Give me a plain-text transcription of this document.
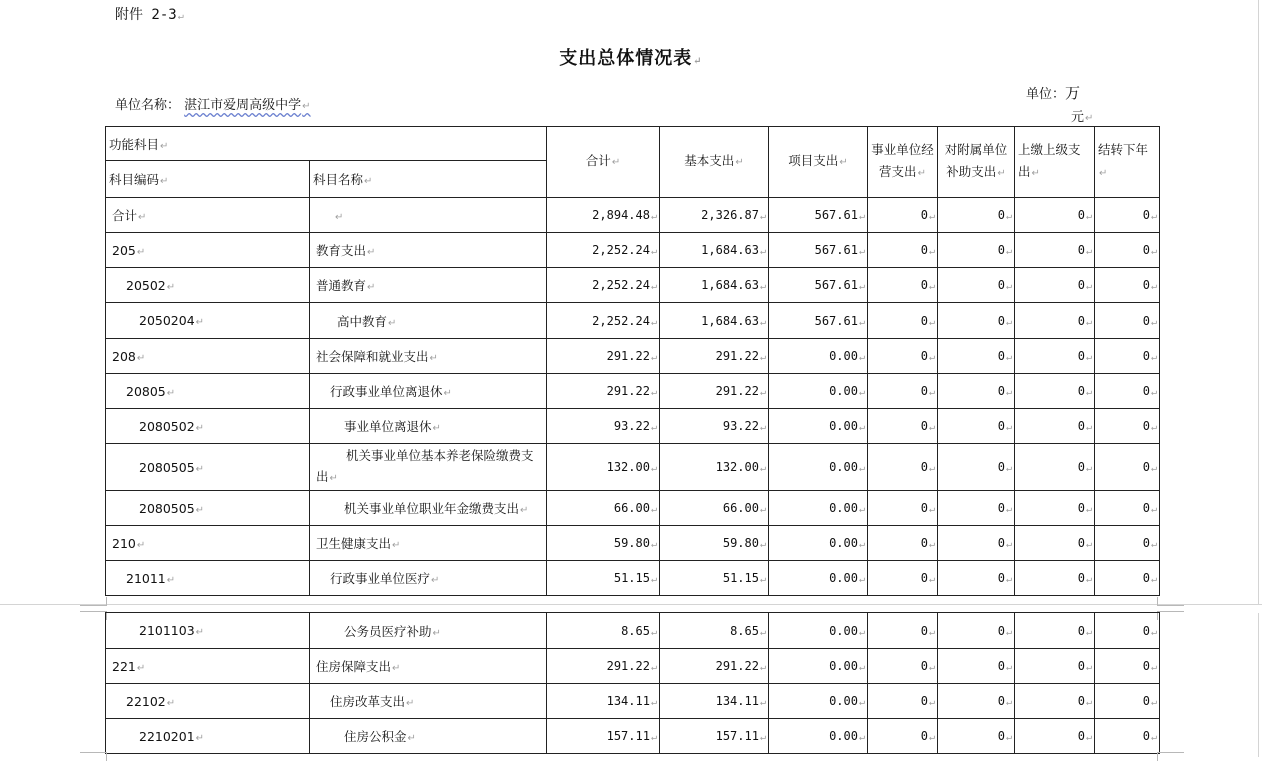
附件 2-3 ↵
支出总体情况表 ↵
单位名称： 湛江市爱周高级中学 ↵
单位：万
元 ↵
功能科目 ↵		合计 ↵	基本支出 ↵	项目支出 ↵	事业单位经营支出 ↵	对附属单位补助支出 ↵	上缴上级支出 ↵	结转下年 ↵
科目编码 ↵	科目名称 ↵
合计 ↵	↵	2,894.48 ↵	2,326.87 ↵	567.61 ↵	0 ↵	0 ↵	0 ↵	0 ↵
205 ↵	教育支出 ↵	2,252.24 ↵	1,684.63 ↵	567.61 ↵	0 ↵	0 ↵	0 ↵	0 ↵
20502 ↵	普通教育 ↵	2,252.24 ↵	1,684.63 ↵	567.61 ↵	0 ↵	0 ↵	0 ↵	0 ↵
2050204 ↵	高中教育 ↵	2,252.24 ↵	1,684.63 ↵	567.61 ↵	0 ↵	0 ↵	0 ↵	0 ↵
208 ↵	社会保障和就业支出 ↵	291.22 ↵	291.22 ↵	0.00 ↵	0 ↵	0 ↵	0 ↵	0 ↵
20805 ↵	行政事业单位离退休 ↵	291.22 ↵	291.22 ↵	0.00 ↵	0 ↵	0 ↵	0 ↵	0 ↵
2080502 ↵	事业单位离退休 ↵	93.22 ↵	93.22 ↵	0.00 ↵	0 ↵	0 ↵	0 ↵	0 ↵
2080505 ↵	机关事业单位基本养老保险缴费支出 ↵	132.00 ↵	132.00 ↵	0.00 ↵	0 ↵	0 ↵	0 ↵	0 ↵
2080505 ↵	机关事业单位职业年金缴费支出 ↵	66.00 ↵	66.00 ↵	0.00 ↵	0 ↵	0 ↵	0 ↵	0 ↵
210 ↵	卫生健康支出 ↵	59.80 ↵	59.80 ↵	0.00 ↵	0 ↵	0 ↵	0 ↵	0 ↵
21011 ↵	行政事业单位医疗 ↵	51.15 ↵	51.15 ↵	0.00 ↵	0 ↵	0 ↵	0 ↵	0 ↵
2101103 ↵	公务员医疗补助 ↵	8.65 ↵	8.65 ↵	0.00 ↵	0 ↵	0 ↵	0 ↵	0 ↵
221 ↵	住房保障支出 ↵	291.22 ↵	291.22 ↵	0.00 ↵	0 ↵	0 ↵	0 ↵	0 ↵
22102 ↵	住房改革支出 ↵	134.11 ↵	134.11 ↵	0.00 ↵	0 ↵	0 ↵	0 ↵	0 ↵
2210201 ↵	住房公积金 ↵	157.11 ↵	157.11 ↵	0.00 ↵	0 ↵	0 ↵	0 ↵	0 ↵
